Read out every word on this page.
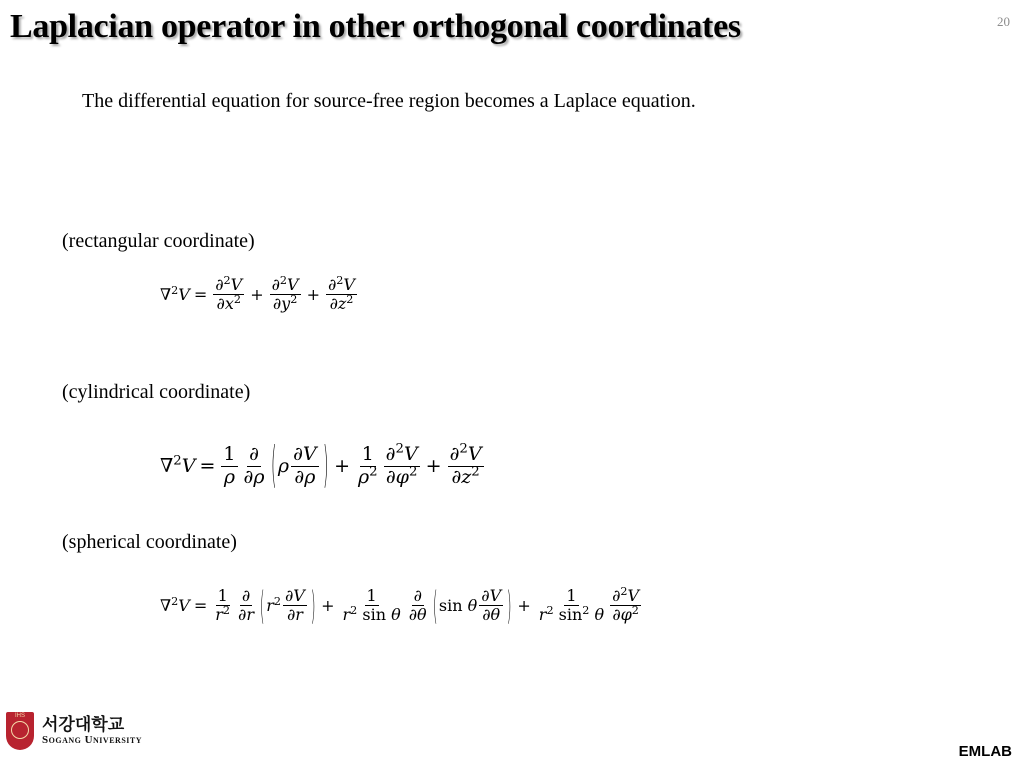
Laplacian operator in other orthogonal coordinates	20
The differential equation for source-free region becomes a Laplace equation.
(rectangular coordinate)
$\nabla^2V = \frac{\partial^2V}{\partial x^2} + \frac{\partial^2V}{\partial y^2} + \frac{\partial^2V}{\partial z^2}$
(cylindrical coordinate)
$\nabla^2V = \frac{1}{\rho} \frac{\partial}{\partial\rho}$ ( ρ $\frac{\partial V}{\partial\rho}$ ) + $\frac{1}{\rho^2} \frac{\partial^2V}{\partial\varphi^2} + \frac{\partial^2V}{\partial z^2}$
(spherical coordinate)
$\nabla^2V = \frac{1}{r^2} \frac{\partial}{\partial r}$ ( $r^2 \frac{\partial V}{\partial r}$ ) + $\frac{1}{r^2 \sin \theta} \frac{\partial}{\partial\theta}$ ( sin θ $\frac{\partial V}{\partial\theta}$ ) + $\frac{1}{r^2 \sin^2 \theta} \frac{\partial^2V}{\partial\varphi^2}$
IHS	서강대학교
Sogang University
EMLAB
